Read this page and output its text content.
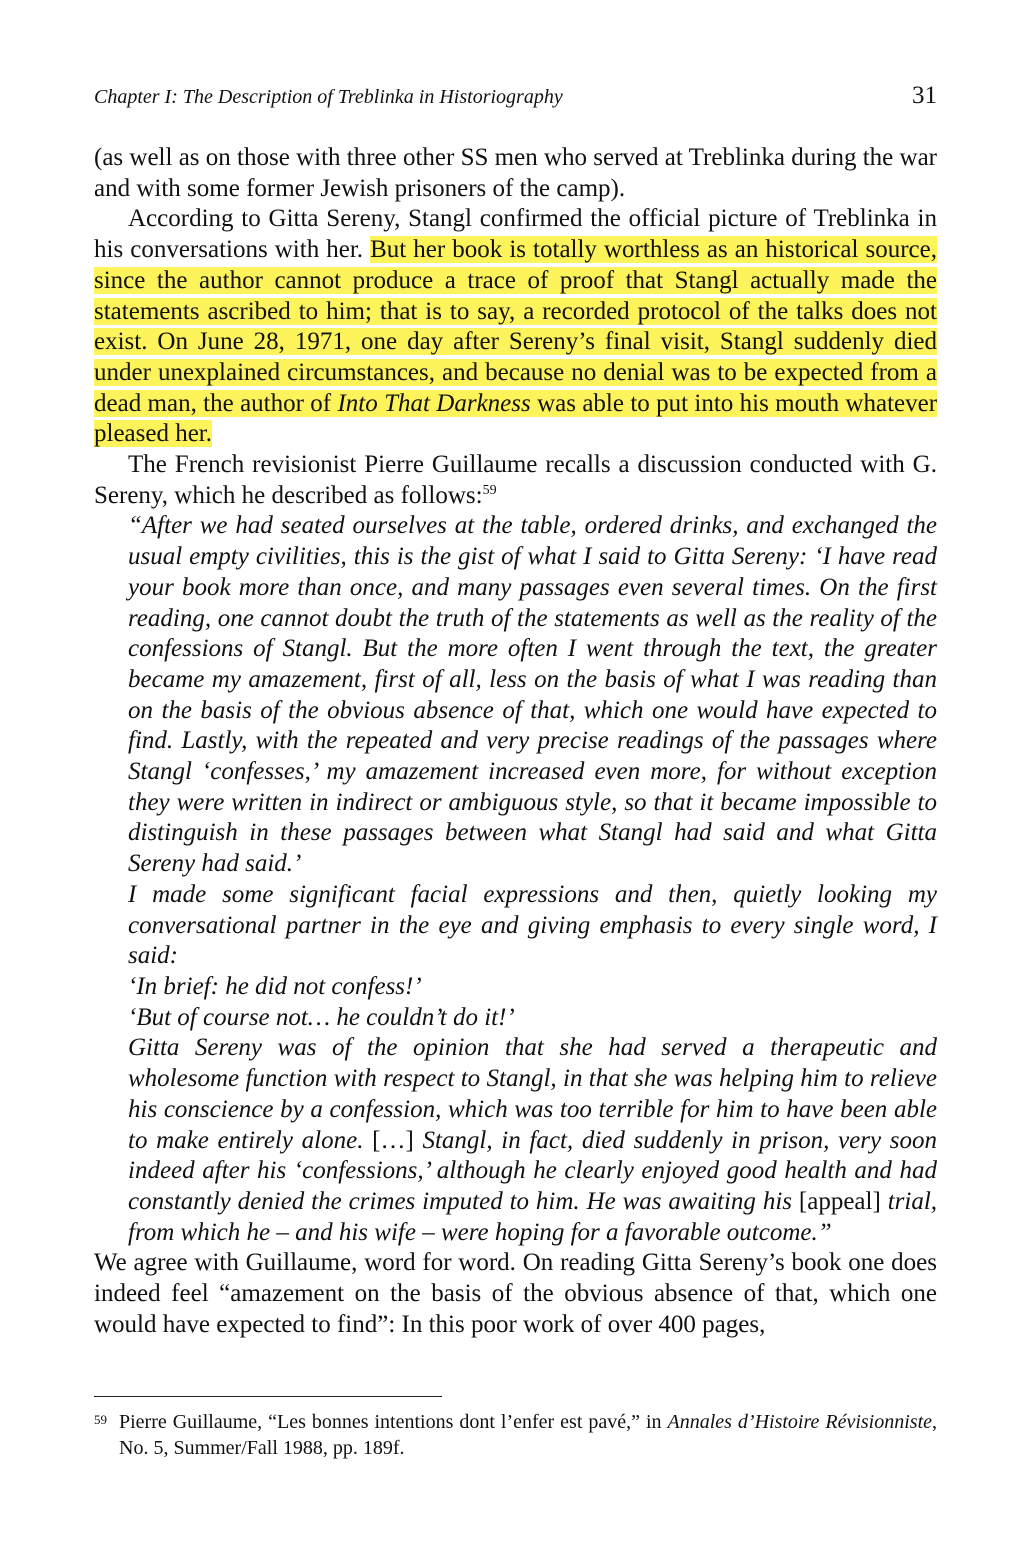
Chapter I: The Description of Treblinka in Historiography	31

(as well as on those with three other SS men who served at Treblinka during the war and with some former Jewish prisoners of the camp).

According to Gitta Sereny, Stangl confirmed the official picture of Treblinka in his conversations with her. But her book is totally worthless as an historical source, since the author cannot produce a trace of proof that Stangl actually made the statements ascribed to him; that is to say, a recorded protocol of the talks does not exist. On June 28, 1971, one day after Sereny’s final visit, Stangl suddenly died under unexplained circumstances, and because no denial was to be expected from a dead man, the author of Into That Darkness was able to put into his mouth whatever pleased her.

The French revisionist Pierre Guillaume recalls a discussion conducted with G. Sereny, which he described as follows:$^{59}$

“After we had seated ourselves at the table, ordered drinks, and exchanged the usual empty civilities, this is the gist of what I said to Gitta Sereny: ‘I have read your book more than once, and many passages even several times. On the first reading, one cannot doubt the truth of the statements as well as the reality of the confessions of Stangl. But the more often I went through the text, the greater became my amazement, first of all, less on the basis of what I was reading than on the basis of the obvious absence of that, which one would have expected to find. Lastly, with the repeated and very precise readings of the passages where Stangl ‘confesses,’ my amazement increased even more, for without exception they were written in indirect or ambiguous style, so that it became impossible to distinguish in these passages between what Stangl had said and what Gitta Sereny had said.’
I made some significant facial expressions and then, quietly looking my conversational partner in the eye and giving emphasis to every single word, I said:
‘In brief: he did not confess!’
‘But of course not… he couldn’t do it!’
Gitta Sereny was of the opinion that she had served a therapeutic and wholesome function with respect to Stangl, in that she was helping him to relieve his conscience by a confession, which was too terrible for him to have been able to make entirely alone. […] Stangl, in fact, died suddenly in prison, very soon indeed after his ‘confessions,’ although he clearly enjoyed good health and had constantly denied the crimes imputed to him. He was awaiting his [appeal] trial, from which he – and his wife – were hoping for a favorable outcome.”

We agree with Guillaume, word for word. On reading Gitta Sereny’s book one does indeed feel “amazement on the basis of the obvious absence of that, which one would have expected to find”: In this poor work of over 400 pages,

59 Pierre Guillaume, “Les bonnes intentions dont l’enfer est pavé,” in Annales d’Histoire Révisionniste, No. 5, Summer/Fall 1988, pp. 189f.
